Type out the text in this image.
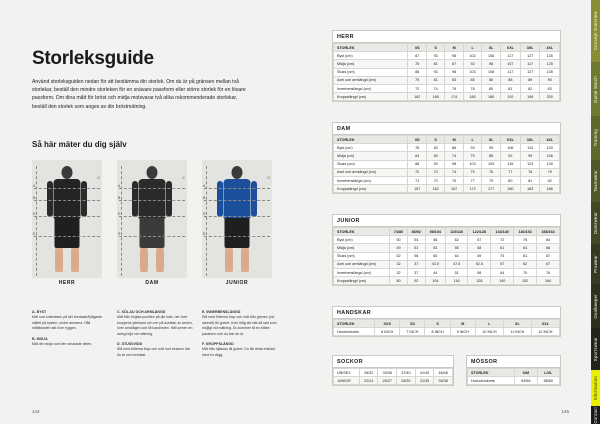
Storleksguide
Använd storleksguiden nedan för att bestämma din storlek. Om du är på gränsen mellan två storlekar, beställ den mindre storleken för en snävare passform eller större storlek för en lösare passform. Om dina mått för bröst och midja motsvarar två olika rekommenderade storlekar, beställ den storlek som anges av din bröstmätning.
Så här mäter du dig själv
A
B
D
E
C
HERR
A
B
D
E
C
DAM
A
B
D
E
C
JUNIOR
A. BYST
Mät runt omkretsen på det bredaste/fylligaste stället på bysten, under armarna. Håll måttbandet rakt över ryggen.
B. MIDJA
Mät din midja runt den smalaste delen.
C. SÖLJA/ OCH ARMLÄNGD
Mät från högsta punkten på din hals, ner över kroppens ytterkant och ner på axelkan av armen, över armbågen och till handleden. Håll armen en aning böjd vid mätning.
D. STUSSVIDD
Stå med fötterna ihop och mät runt stussen där du är som bredast.
E. INNERBENSLÄNGD
Stå med fötterna ihop och mät från grenen (vid skrevet) till golvet. Kom ihåg att mät så rakt som möjligt vid mätning. Du kommer få en bättre passform och du kan se ut.
F. KROPPSLÄNGD
Mät från hjässan till golvet. Du får detta enklast med en vägg.
144
HERR
STORLEK	XS	S	M	L	XL	XXL	3XL	4XL
Byst (cm)	87	93	98	102	108	117	127	135
Midja (cm)	75	81	87	92	98	107	117	125
Stuss (cm)	88	93	98	103	108	117	127	135
Axel och armlängd (cm)	79	81	83	85	86	88	89	90
Innerbenslängd (cm)	72	74	76	78	80	81	82	83
Kroppslängd (cm)	162	168	174	180	186	192	196	200
DAM
STORLEK	XS	S	M	L	XL	XXL	3XL	4XL
Byst (cm)	78	83	88	93	99	106	113	120
Midja (cm)	64	69	74	79	85	92	99	106
Stuss (cm)	88	93	98	103	109	116	123	130
Axel och armlängd (cm)	72	73	74	75	76	77	78	79
Innerbenslängd (cm)	71	73	75	77	79	80	81	82
Kroppslängd (cm)	157	162	167	172	177	180	183	186
JUNIOR
STORLEK	74/80	86/92	98/104	110/116	122/128	134/140	146/152	158/164
Byst (cm)	50	54	58	62	67	72	78	84
Midja (cm)	49	51	53	55	58	61	64	68
Stuss (cm)	52	56	60	64	69	75	81	87
Axel och armlängd (cm)	32	37	43.5	47.5	52.5	57	62	67
Innerbenslängd (cm)	32	37	44	51	58	64	70	76
Kroppslängd (cm)	80	92	104	116	128	140	152	164
HANDSKAR
STORLEK	XXS	XS	S	M	L	XL	XXL
Handomkrets	6 INCH	7 INCH	8 INCH	9 INCH	10 INCH	11 INCH	12 INCH
SOCKOR
UNISEX	28/32	33/36	37/40	41/45	46/48
JUNIOR	22/24	25/27	28/30	31/35	36/38
MÖSSOR
STORLEK	S/M	L/XL
Huvudomkrets	54/56	58/60
145
Concept Overview
Game Match
Training
Teamwear
Outerwear
Prowear
Goalkeeper
Sportswear
Information
Contact
